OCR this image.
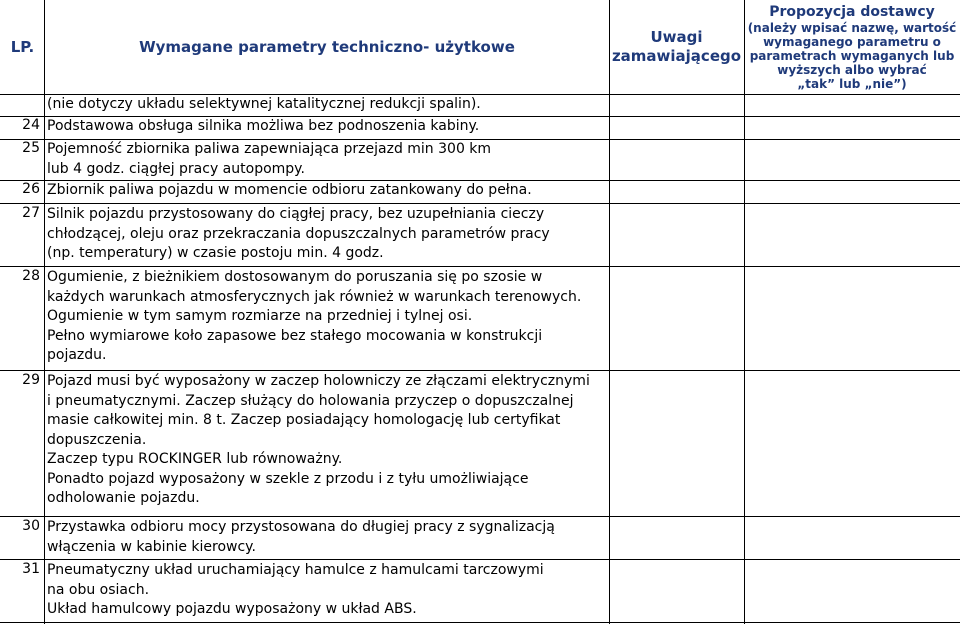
LP.	Wymagane parametry techniczno- użytkowe
Uwagi
zamawiającego
Propozycja dostawcy
(należy wpisać nazwę, wartość
wymaganego parametru o
parametrach wymaganych lub
wyższych albo wybrać
„tak” lub „nie”)
(nie dotyczy układu selektywnej katalitycznej redukcji spalin).
24 Podstawowa obsługa silnika możliwa bez podnoszenia kabiny.
25 Pojemność zbiornika paliwa zapewniająca przejazd min 300 km
lub 4 godz. ciągłej pracy autopompy.
26 Zbiornik paliwa pojazdu w momencie odbioru zatankowany do pełna.
27 Silnik pojazdu przystosowany do ciągłej pracy, bez uzupełniania cieczy
chłodzącej, oleju oraz przekraczania dopuszczalnych parametrów pracy
(np. temperatury) w czasie postoju min. 4 godz.
28 Ogumienie, z bieżnikiem dostosowanym do poruszania się po szosie w
każdych warunkach atmosferycznych jak również w warunkach terenowych.
Ogumienie w tym samym rozmiarze na przedniej i tylnej osi.
Pełno wymiarowe koło zapasowe bez stałego mocowania w konstrukcji
pojazdu.
29 Pojazd musi być wyposażony w zaczep holowniczy ze złączami elektrycznymi
i pneumatycznymi. Zaczep służący do holowania przyczep o dopuszczalnej
masie całkowitej min. 8 t. Zaczep posiadający homologację lub certyfikat
dopuszczenia.
Zaczep typu ROCKINGER lub równoważny.
Ponadto pojazd wyposażony w szekle z przodu i z tyłu umożliwiające
odholowanie pojazdu.
30 Przystawka odbioru mocy przystosowana do długiej pracy z sygnalizacją
włączenia w kabinie kierowcy.
31 Pneumatyczny układ uruchamiający hamulce z hamulcami tarczowymi
na obu osiach.
Układ hamulcowy pojazdu wyposażony w układ ABS.
